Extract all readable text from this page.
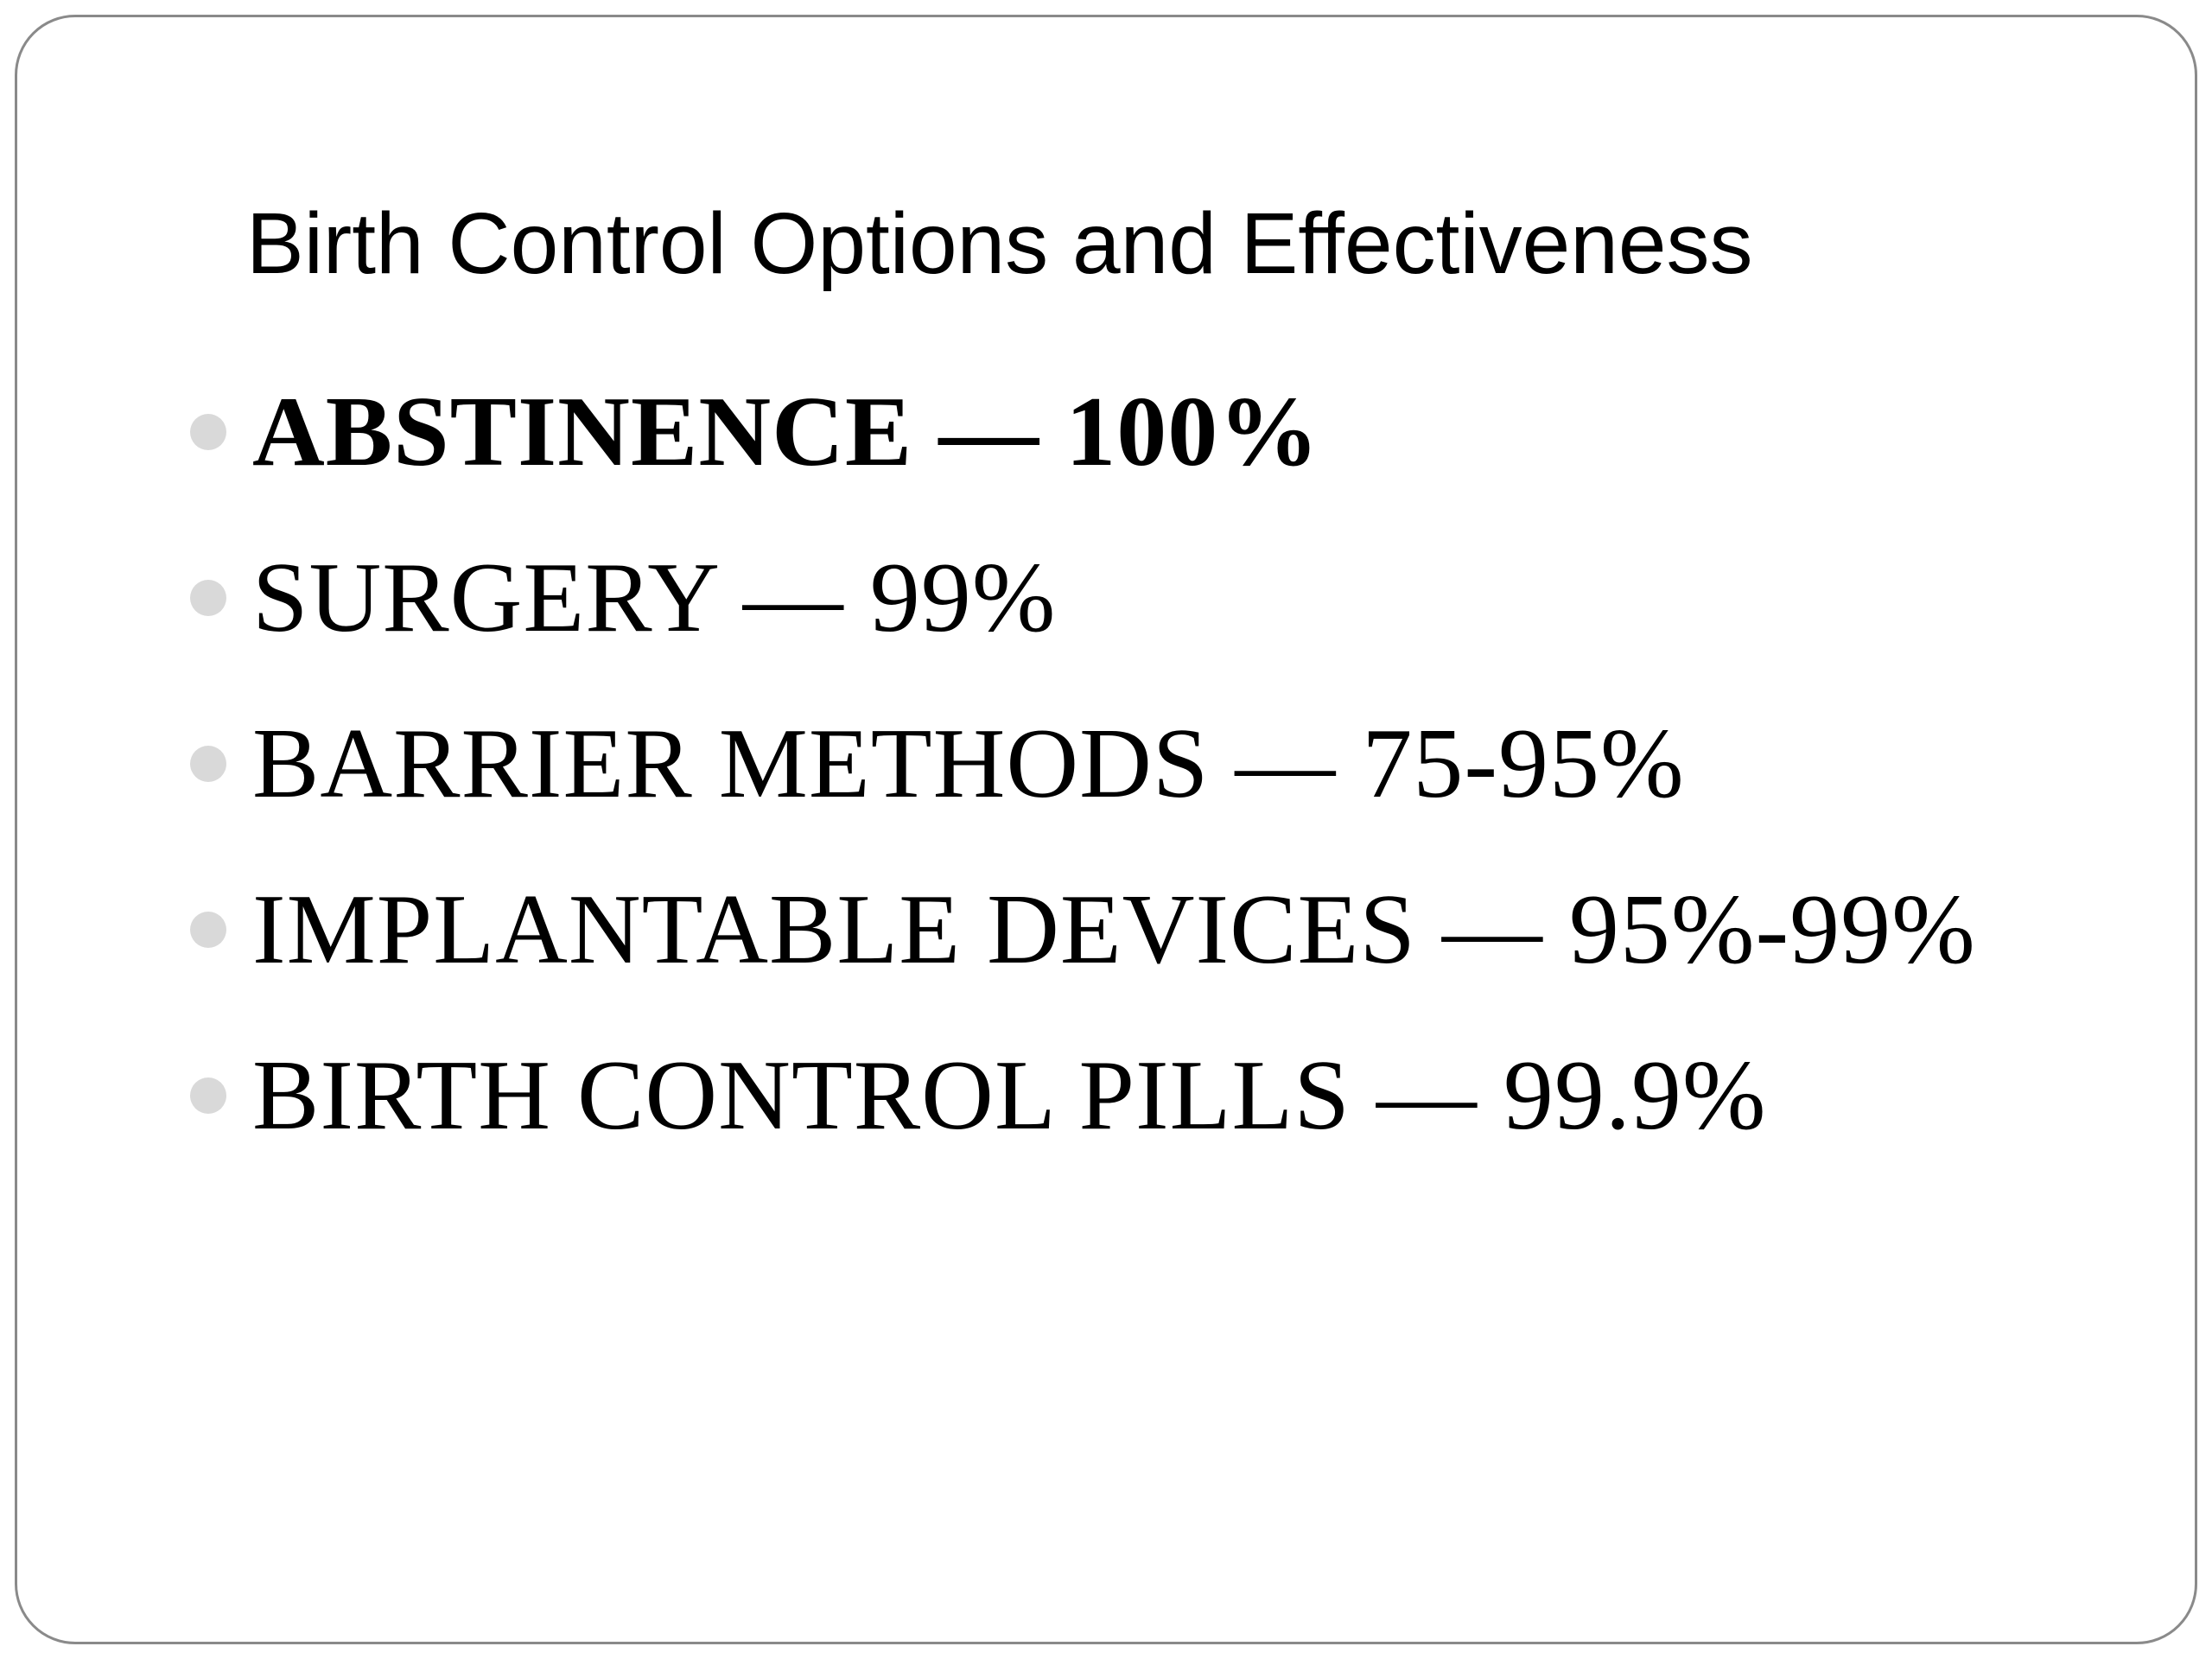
Birth Control Options and Effectiveness
ABSTINENCE — 100%
SURGERY — 99%
BARRIER METHODS — 75-95%
IMPLANTABLE DEVICES — 95%-99%
BIRTH CONTROL PILLS — 99.9%
